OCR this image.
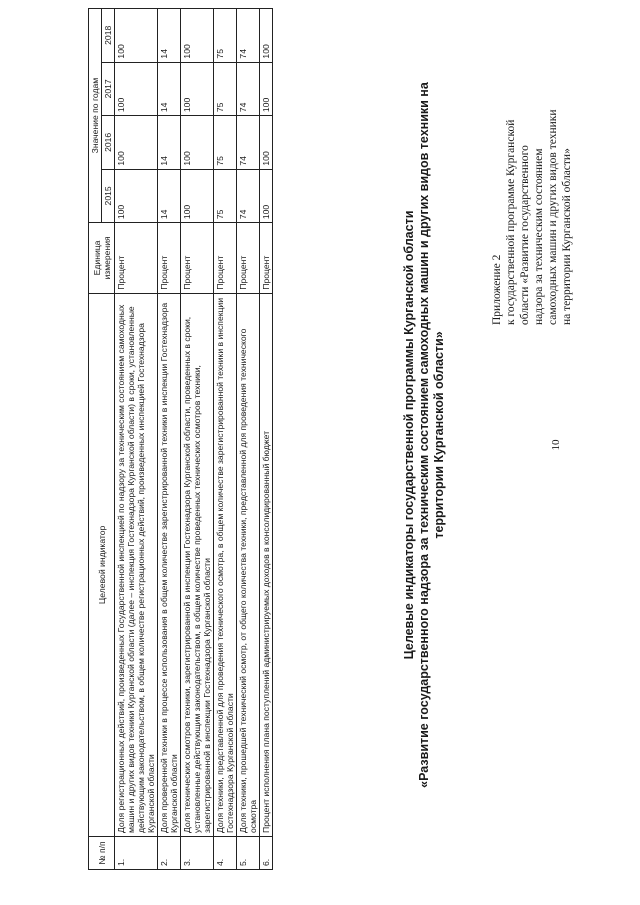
10
Приложение 2 к государственной программе Курганской области «Развитие государственного надзора за техническим состоянием самоходных машин и других видов техники на территории Курганской области»
Целевые индикаторы государственной программы Курганской области «Развитие государственного надзора за техническим состоянием самоходных машин и других видов техники на территории Курганской области»
№ п/п	Целевой индикатор	Единица измерения	Значение по годам			
			2015	2016	2017	2018
1.	Доля регистрационных действий, произведенных Государственной инспекцией по надзору за техническим состоянием самоходных машин и других видов техники Курганской области (далее – инспекция Гостехнадзора Курганской области) в сроки, установленные действующим законодательством, в общем количестве регистрационных действий, произведенных инспекцией Гостехнадзора Курганской области	Процент	100	100	100	100
2.	Доля проверенной техники в процессе использования в общем количестве зарегистрированной техники в инспекции Гостехнадзора Курганской области	Процент	14	14	14	14
3.	Доля технических осмотров техники, зарегистрированной в инспекции Гостехнадзора Курганской области, проведенных в сроки, установленные действующим законодательством, в общем количестве проведенных технических осмотров техники, зарегистрированной в инспекции Гостехнадзора Курганской области	Процент	100	100	100	100
4.	Доля техники, представленной для проведения технического осмотра, в общем количестве зарегистрированной техники в инспекции Гостехнадзора Курганской области	Процент	75	75	75	75
5.	Доля техники, прошедшей технический осмотр, от общего количества техники, представленной для проведения технического осмотра	Процент	74	74	74	74
6.	Процент исполнения плана поступлений администрируемых доходов в консолидированный бюджет	Процент	100	100	100	100
